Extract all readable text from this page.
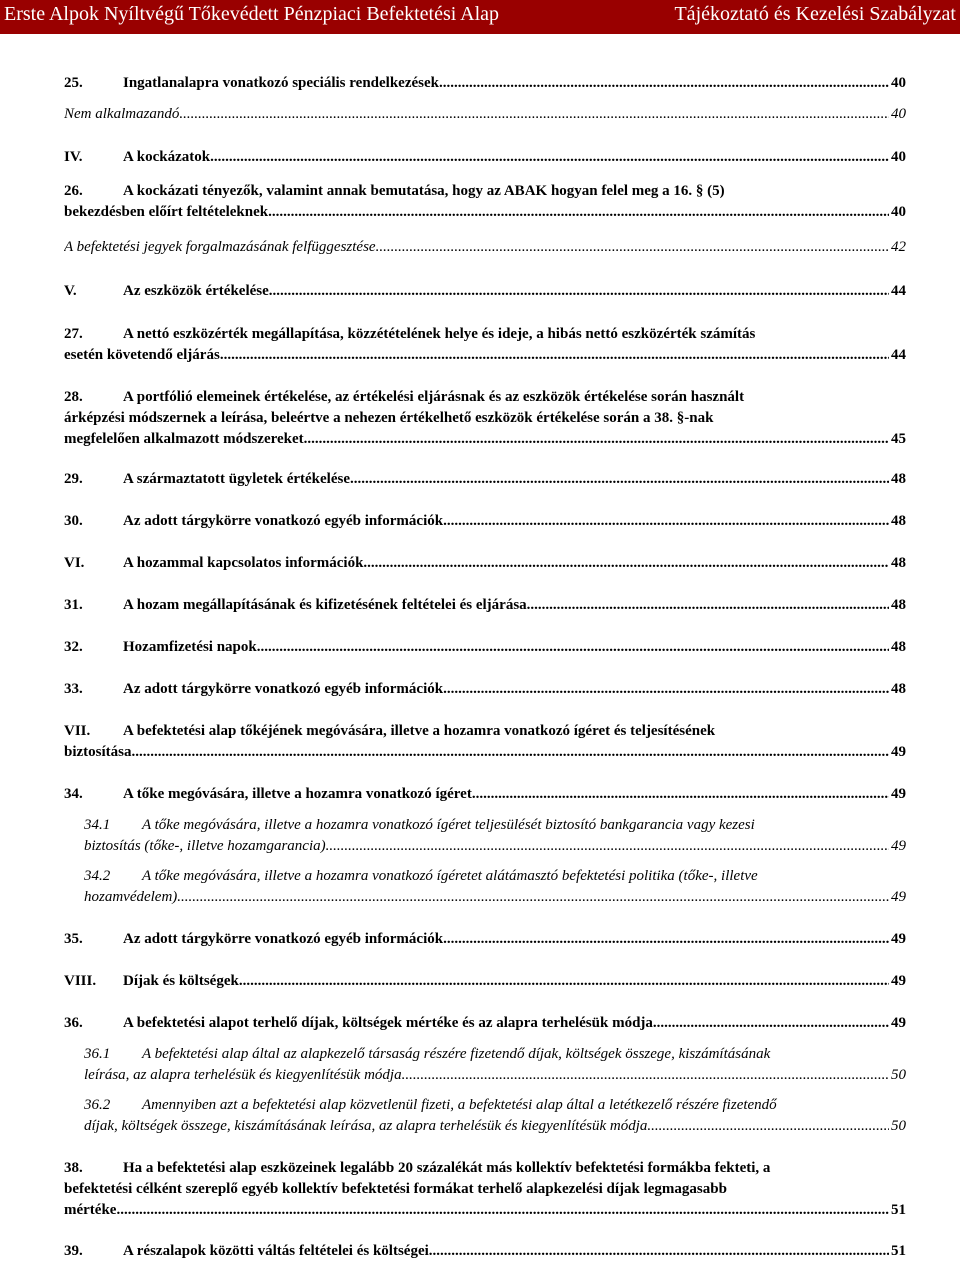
Erste Alpok Nyíltvégű Tőkevédett Pénzpiaci Befektetési Alap	Tájékoztató és Kezelési Szabályzat
25.	Ingatlanalapra vonatkozó speciális rendelkezések .....	40
Nem alkalmazandó. .....	40
IV.	A kockázatok .....	40
26.	A kockázati tényezők, valamint annak bemutatása, hogy az ABAK hogyan felel meg a 16. § (5)
bekezdésben előírt feltételeknek. .....	40
A befektetési jegyek forgalmazásának felfüggesztése .....	42
V.	Az eszközök értékelése .....	44
27.	A nettó eszközérték megállapítása, közzétételének helye és ideje, a hibás nettó eszközérték számítás
esetén követendő eljárás .....	44
28.	A portfólió elemeinek értékelése, az értékelési eljárásnak és az eszközök értékelése során használt
árképzési módszernek a leírása, beleértve a nehezen értékelhető eszközök értékelése során a 38. §-nak
megfelelően alkalmazott módszereket .....	45
29.	A származtatott ügyletek értékelése .....	48
30.	Az adott tárgykörre vonatkozó egyéb információk .....	48
VI.	A hozammal kapcsolatos információk .....	48
31.	A hozam megállapításának és kifizetésének feltételei és eljárása .....	48
32.	Hozamfizetési napok .....	48
33.	Az adott tárgykörre vonatkozó egyéb információk .....	48
VII. A befektetési alap tőkéjének megóvására, illetve a hozamra vonatkozó ígéret és teljesítésének
biztosítása .....	49
34.	A tőke megóvására, illetve a hozamra vonatkozó ígéret .....	49
34.1 A tőke megóvására, illetve a hozamra vonatkozó ígéret teljesülését biztosító bankgarancia vagy kezesi
biztosítás (tőke-, illetve hozamgarancia) .....	49
34.2 A tőke megóvására, illetve a hozamra vonatkozó ígéretet alátámasztó befektetési politika (tőke-, illetve
hozamvédelem) .....	49
35.	Az adott tárgykörre vonatkozó egyéb információk .....	49
VIII.	Díjak és költségek .....	49
36.	A befektetési alapot terhelő díjak, költségek mértéke és az alapra terhelésük módja .....	49
36.1 A befektetési alap által az alapkezelő társaság részére fizetendő díjak, költségek összege, kiszámításának
leírása, az alapra terhelésük és kiegyenlítésük módja .....	50
36.2 Amennyiben azt a befektetési alap közvetlenül fizeti, a befektetési alap által a letétkezelő részére fizetendő
díjak, költségek összege, kiszámításának leírása, az alapra terhelésük és kiegyenlítésük módja .....	50
38.	Ha a befektetési alap eszközeinek legalább 20 százalékát más kollektív befektetési formákba fekteti, a
befektetési célként szereplő egyéb kollektív befektetési formákat terhelő alapkezelési díjak legmagasabb
mértéke .....	51
39.	A részalapok közötti váltás feltételei és költségei .....	51
